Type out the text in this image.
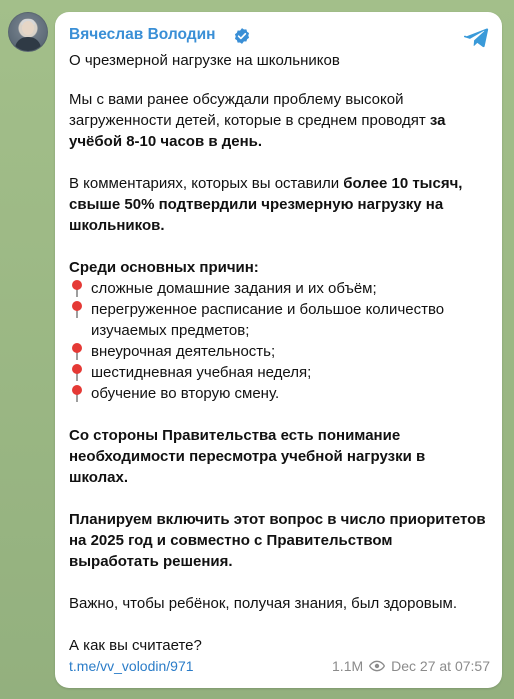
Вячеслав Володин

О чрезмерной нагрузке на школьников

Мы с вами ранее обсуждали проблему высокой загруженности детей, которые в среднем проводят за учёбой 8-10 часов в день.

В комментариях, которых вы оставили более 10 тысяч, свыше 50% подтвердили чрезмерную нагрузку на школьников.

Среди основных причин:

сложные домашние задания и их объём;
перегруженное расписание и большое количество изучаемых предметов;
внеурочная деятельность;
шестидневная учебная неделя;
обучение во вторую смену.

Со стороны Правительства есть понимание необходимости пересмотра учебной нагрузки в школах.

Планируем включить этот вопрос в число приоритетов на 2025 год и совместно с Правительством выработать решения.

Важно, чтобы ребёнок, получая знания, был здоровым.

А как вы считаете?

t.me/vv_volodin/971	1.1M Dec 27 at 07:57
